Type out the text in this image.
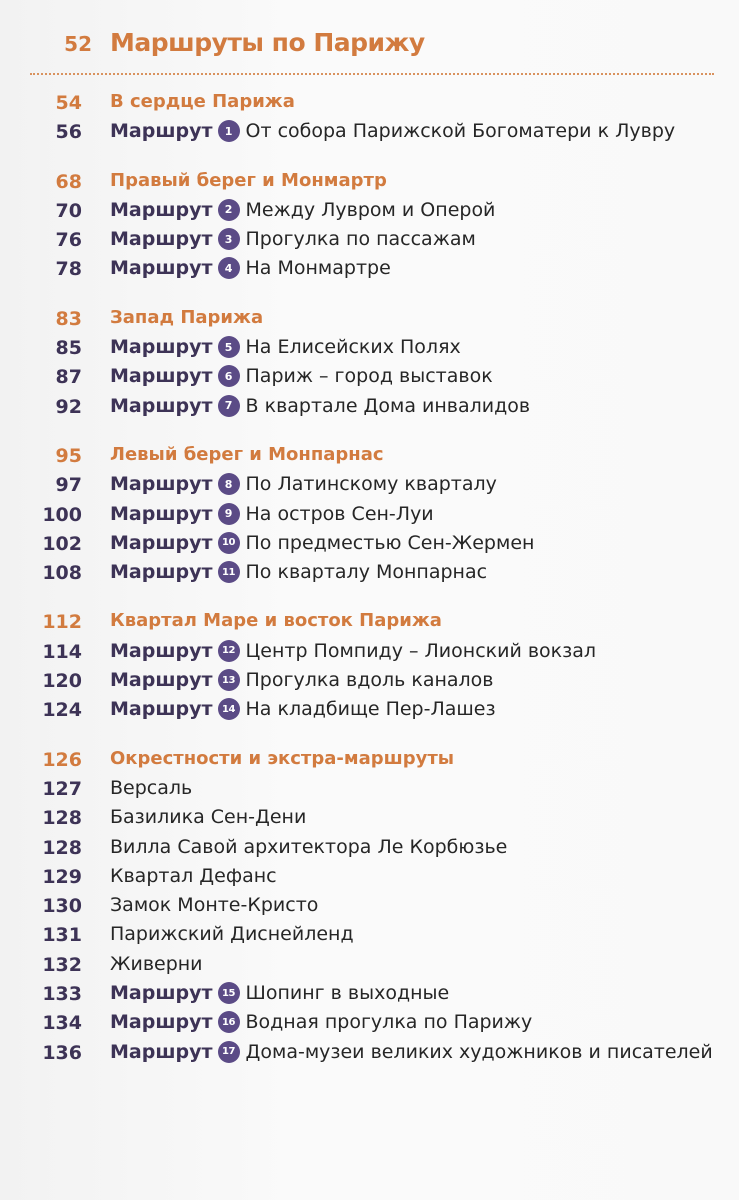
52 Маршруты по Парижу
54 В сердце Парижа
56 Маршрут	1 От собора Парижской Богоматери к Лувру
68 Правый берег и Монмартр
70 Маршрут	2 Между Лувром и Оперой
76 Маршрут	3 Прогулка по пассажам
78 Маршрут	4 На Монмартре
83 Запад Парижа
85 Маршрут	5 На Елисейских Полях
87 Маршрут	6 Париж – город выставок
92 Маршрут	7 В квартале Дома инвалидов
95 Левый берег и Монпарнас
97 Маршрут	8 По Латинскому кварталу
100 Маршрут	9 На остров Сен-Луи
102 Маршрут 10 По предместью Сен-Жермен
108 Маршрут 11 По кварталу Монпарнас
112 Квартал Маре и восток Парижа
114 Маршрут 12 Центр Помпиду – Лионский вокзал
120 Маршрут 13 Прогулка вдоль каналов
124 Маршрут 14 На кладбище Пер-Лашез
126 Окрестности и экстра-маршруты
127 Версаль
128 Базилика Сен-Дени
128 Вилла Савой архитектора Ле Корбюзье
129 Квартал Дефанс
130 Замок Монте-Кристо
131 Парижский Диснейленд
132 Живерни
133 Маршрут 15 Шопинг в выходные
134 Маршрут 16 Водная прогулка по Парижу
136 Маршрут 17 Дома-музеи великих художников и писателей
